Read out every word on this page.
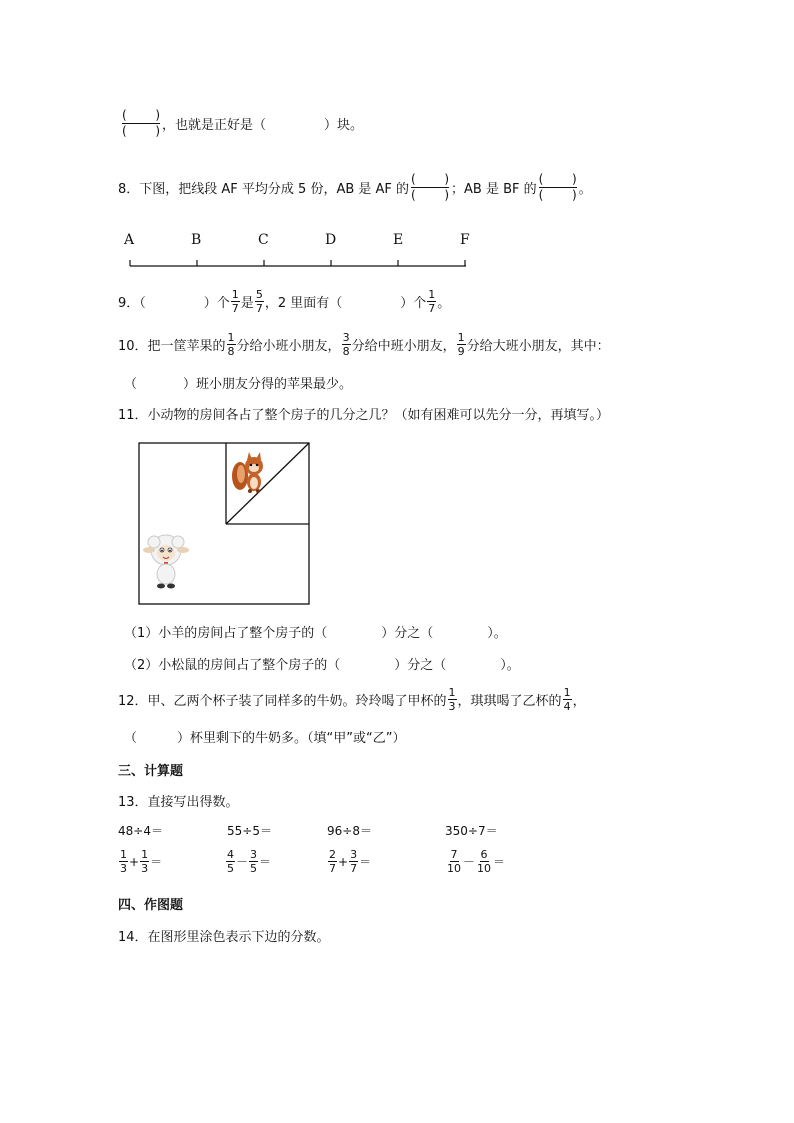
$\frac{( )}{( )}$ ，也就是正好是（	）块。
8．下图，把线段 AF 平均分成 5 份，AB 是 AF 的 $\frac{( )}{( )}$ ；AB 是 BF 的 $\frac{( )}{( )}$ 。
A	B	C	D	E	F
9．（	）个 $\frac{1}{7}$ 是 $\frac{5}{7}$ ，2 里面有（	）个 $\frac{1}{7}$ 。
10．把一筐苹果的 $\frac{1}{8}$ 分给小班小朋友， $\frac{3}{8}$ 分给中班小朋友， $\frac{1}{9}$ 分给大班小朋友，其中：
（	）班小朋友分得的苹果最少。
11．小动物的房间各占了整个房子的几分之几？（如有困难可以先分一分，再填写。）
（1）小羊的房间占了整个房子的（	）分之（	）。
（2）小松鼠的房间占了整个房子的（	）分之（	）。
12．甲、乙两个杯子装了同样多的牛奶。玲玲喝了甲杯的 $\frac{1}{3}$ ，琪琪喝了乙杯的 $\frac{1}{4}$ ，
（	）杯里剩下的牛奶多。（填“甲”或“乙”）
三、计算题
13．直接写出得数。
48÷4＝	55÷5＝	96÷8＝	350÷7＝
$\frac{1}{3} + \frac{1}{3}$ ＝	$\frac{4}{5} - \frac{3}{5}$ ＝	$\frac{2}{7} + \frac{3}{7}$ ＝	$\frac{7}{10} - \frac{6}{10}$ ＝
四、作图题
14．在图形里涂色表示下边的分数。
